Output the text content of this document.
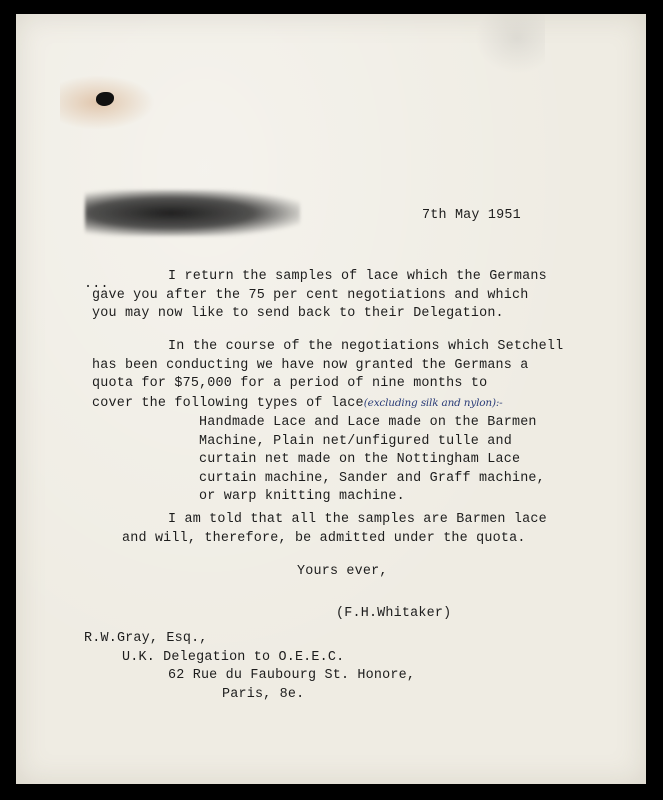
7th May 1951
...
I return the samples of lace which the Germans
gave you after the 75 per cent negotiations and which
you may now like to send back to their Delegation.
In the course of the negotiations which Setchell
has been conducting we have now granted the Germans a
quota for $75,000 for a period of nine months to
cover the following types of lace(excluding silk and nylon):-
Handmade Lace and Lace made on the Barmen
Machine, Plain net/unfigured tulle and
curtain net made on the Nottingham Lace
curtain machine, Sander and Graff machine,
or warp knitting machine.
I am told that all the samples are Barmen lace
and will, therefore, be admitted under the quota.
Yours ever,
(F.H.Whitaker)
R.W.Gray, Esq.,
U.K. Delegation to O.E.E.C.
62 Rue du Faubourg St. Honore,
Paris, 8e.
